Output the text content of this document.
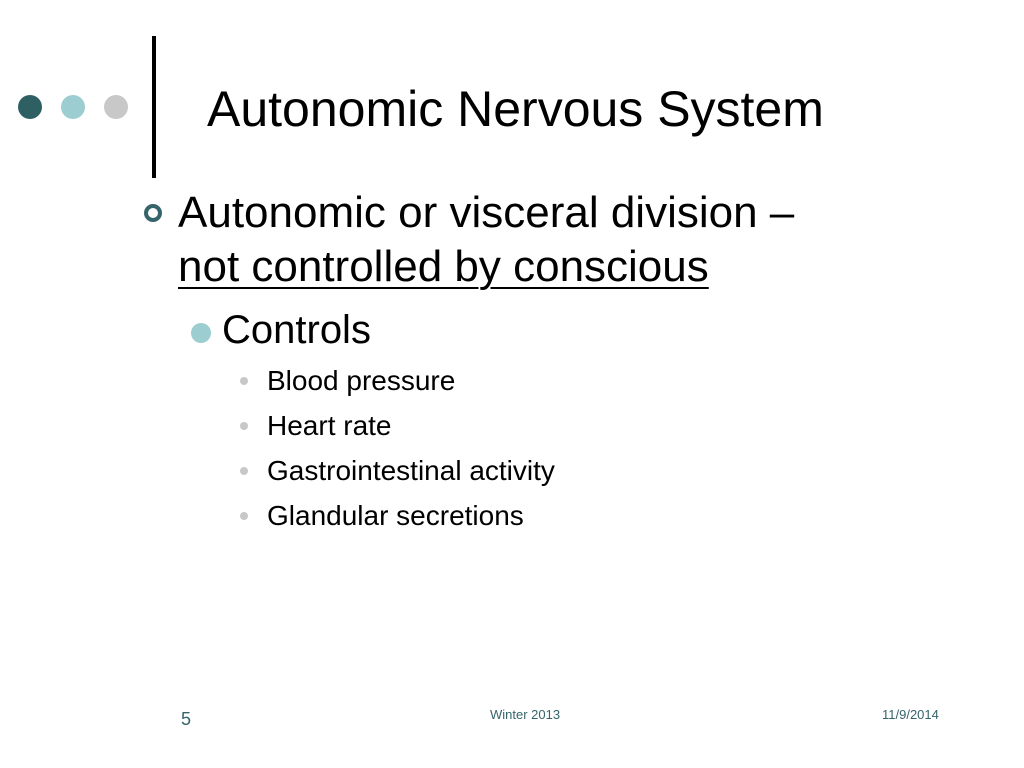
Autonomic Nervous System
Autonomic or visceral division –
not controlled by conscious
Controls
Blood pressure
Heart rate
Gastrointestinal activity
Glandular secretions
5	Winter 2013	11/9/2014
